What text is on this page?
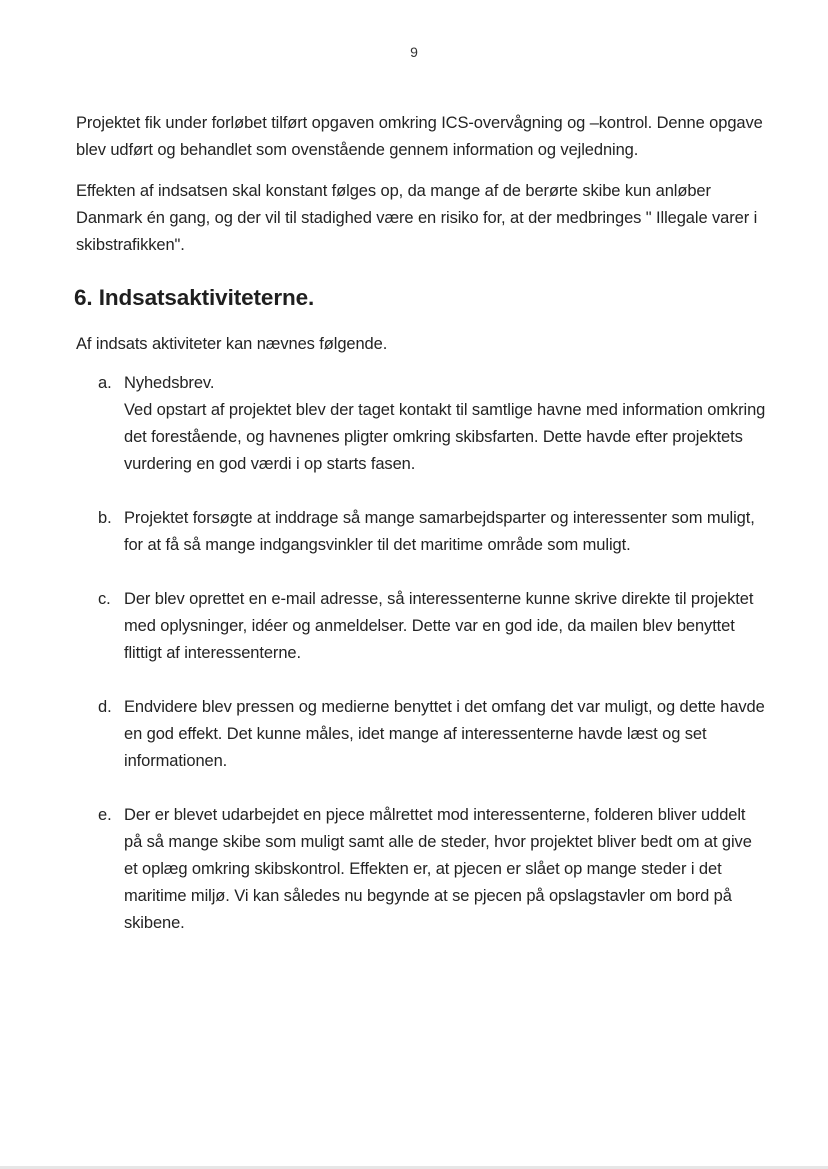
9

Projektet fik under forløbet tilført opgaven omkring ICS-overvågning og –kontrol. Denne opgave blev udført og behandlet som ovenstående gennem information og vejledning.

Effekten af indsatsen skal konstant følges op, da mange af de berørte skibe kun anløber Danmark én gang, og der vil til stadighed være en risiko for, at der medbringes " Illegale varer i skibstrafikken".

6. Indsatsaktiviteterne.

Af indsats aktiviteter kan nævnes følgende.

a. Nyhedsbrev.
Ved opstart af projektet blev der taget kontakt til samtlige havne med information omkring det forestående, og havnenes pligter omkring skibsfarten. Dette havde efter projektets vurdering en god værdi i op starts fasen.
b. Projektet forsøgte at inddrage så mange samarbejdsparter og interessenter som muligt, for at få så mange indgangsvinkler til det maritime område som muligt.
c. Der blev oprettet en e-mail adresse, så interessenterne kunne skrive direkte til projektet med oplysninger, idéer og anmeldelser. Dette var en god ide, da mailen blev benyttet flittigt af interessenterne.
d. Endvidere blev pressen og medierne benyttet i det omfang det var muligt, og dette havde en god effekt. Det kunne måles, idet mange af interessenterne havde læst og set informationen.
e. Der er blevet udarbejdet en pjece målrettet mod interessenterne, folderen bliver uddelt på så mange skibe som muligt samt alle de steder, hvor projektet bliver bedt om at give et oplæg omkring skibskontrol. Effekten er, at pjecen er slået op mange steder i det maritime miljø. Vi kan således nu begynde at se pjecen på opslagstavler om bord på skibene.
